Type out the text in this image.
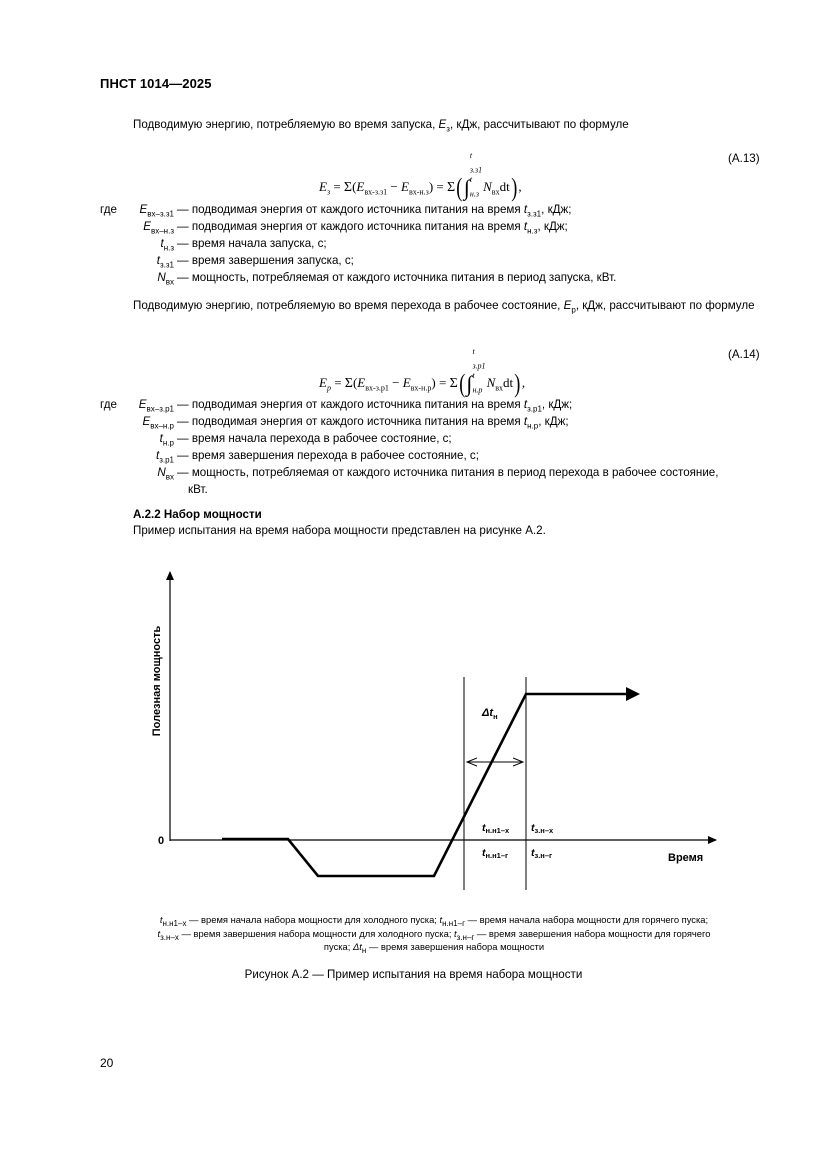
ПНСТ 1014—2025
Подводимую энергию, потребляемую во время запуска, $E_з$, кДж, рассчитывают по формуле
$E_з = \Sigma(E_{вх-з.з1} - E_{вх-н.з}) = \Sigma(\int$
t
$_{з.з1}$
t
$_{н.з}$
$N_{вх}dt$),
(А.13)
где	$E_{вх-з.з1}$ — подводимая энергия от каждого источника питания на время $t_{з.з1}$, кДж;
$E_{вх-н.з}$ — подводимая энергия от каждого источника питания на время $t_{н.з}$, кДж;
$t_{н.з}$ — время начала запуска, с;
$t_{з.з1}$ — время завершения запуска, с;
$N_{вх}$ — мощность, потребляемая от каждого источника питания в период запуска, кВт.
Подводимую энергию, потребляемую во время перехода в рабочее состояние, $E_р$, кДж, рассчитывают по формуле
$E_р = \Sigma(E_{вх-з.р1} - E_{вх-н.р}) = \Sigma(\int$
t
$_{з.р1}$
t
$_{н.р}$
$N_{вх}dt$),
(А.14)
где	$E_{вх-з.р1}$ — подводимая энергия от каждого источника питания на время $t_{з.р1}$, кДж;
$E_{вх-н.р}$ — подводимая энергия от каждого источника питания на время $t_{н.р}$, кДж;
$t_{н.р}$ — время начала перехода в рабочее состояние, с;
$t_{з.р1}$ — время завершения перехода в рабочее состояние, с;
$N_{вх}$ — мощность, потребляемая от каждого источника питания в период перехода в рабочее состояние,
кВт.
А.2.2 Набор мощности
Пример испытания на время набора мощности представлен на рисунке А.2.
Полезная мощность
0
Время
$\Delta t_н$
tн.н1–х
tн.н1–г
tз.н–х
tз.н–г
$t_{н.н1-х}$ — время начала набора мощности для холодного пуска; $t_{н.н1-г}$ — время начала набора мощности для горячего пуска;
$t_{з.н-х}$ — время завершения набора мощности для холодного пуска; $t_{з.н-г}$ — время завершения набора мощности для горячего
пуска; $\Delta t_н$ — время завершения набора мощности
Рисунок А.2 — Пример испытания на время набора мощности
20
